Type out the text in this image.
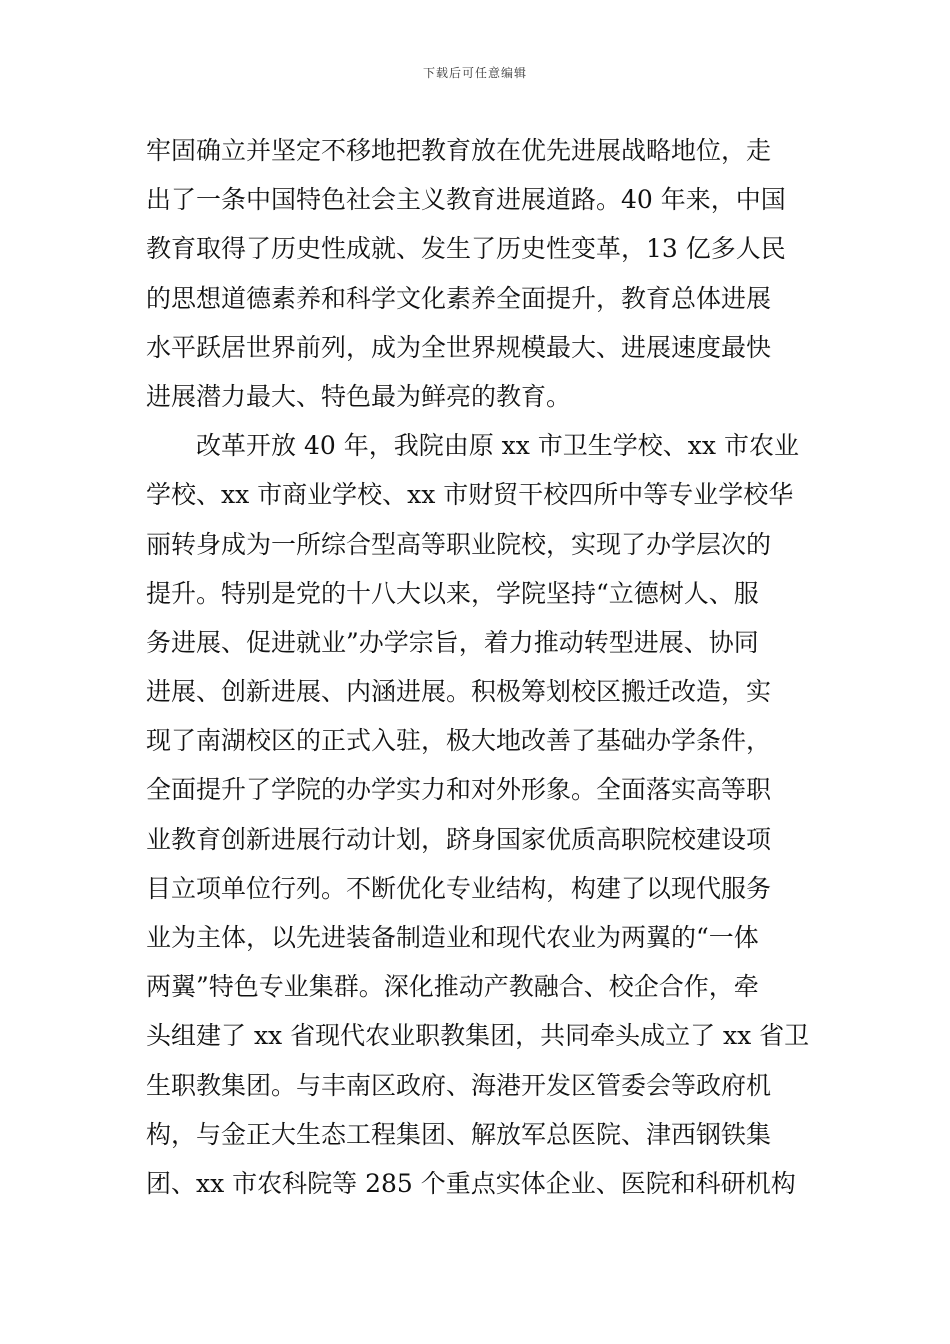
下载后可任意编辑
牢固确立并坚定不移地把教育放在优先进展战略地位，走
出了一条中国特色社会主义教育进展道路。40 年来，中国
教育取得了历史性成就、发生了历史性变革，13 亿多人民
的思想道德素养和科学文化素养全面提升，教育总体进展
水平跃居世界前列，成为全世界规模最大、进展速度最快
进展潜力最大、特色最为鲜亮的教育。
改革开放 40 年，我院由原 xx 市卫生学校、xx 市农业
学校、xx 市商业学校、xx 市财贸干校四所中等专业学校华
丽转身成为一所综合型高等职业院校，实现了办学层次的
提升。特别是党的十八大以来，学院坚持“立德树人、服
务进展、促进就业”办学宗旨，着力推动转型进展、协同
进展、创新进展、内涵进展。积极筹划校区搬迁改造，实
现了南湖校区的正式入驻，极大地改善了基础办学条件，
全面提升了学院的办学实力和对外形象。全面落实高等职
业教育创新进展行动计划，跻身国家优质高职院校建设项
目立项单位行列。不断优化专业结构，构建了以现代服务
业为主体，以先进装备制造业和现代农业为两翼的“一体
两翼”特色专业集群。深化推动产教融合、校企合作，牵
头组建了 xx 省现代农业职教集团，共同牵头成立了 xx 省卫
生职教集团。与丰南区政府、海港开发区管委会等政府机
构，与金正大生态工程集团、解放军总医院、津西钢铁集
团、xx 市农科院等 285 个重点实体企业、医院和科研机构
